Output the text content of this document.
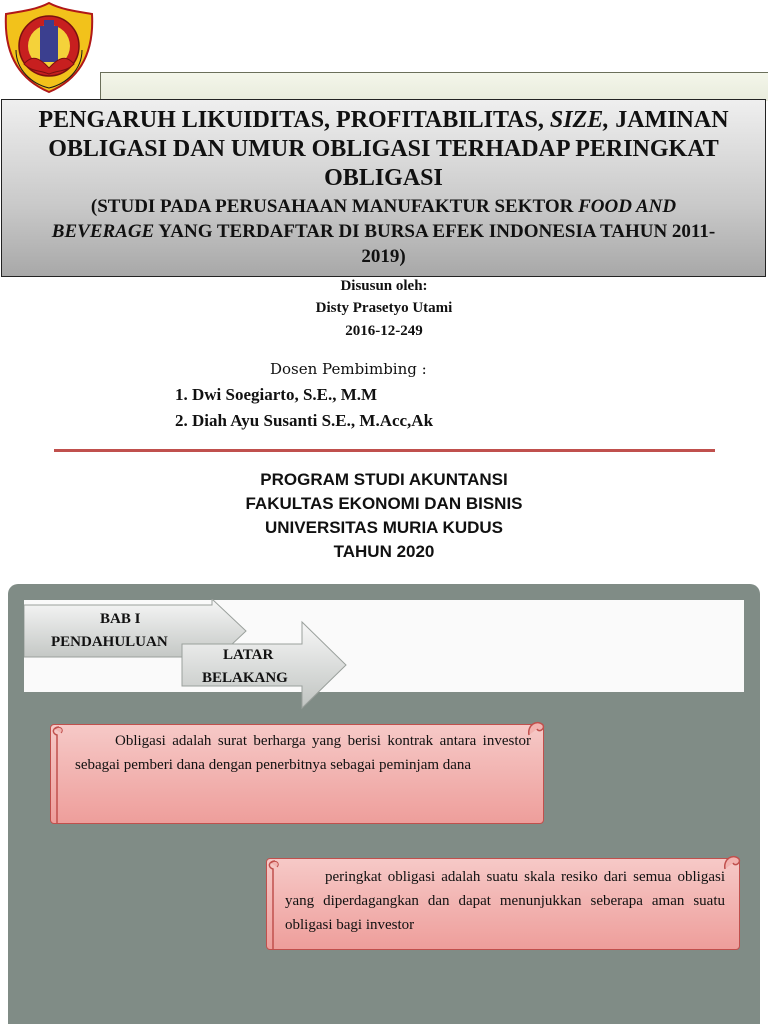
PENGARUH LIKUIDITAS, PROFITABILITAS, SIZE, JAMINAN
OBLIGASI DAN UMUR OBLIGASI TERHADAP PERINGKAT
OBLIGASI
(STUDI PADA PERUSAHAAN MANUFAKTUR SEKTOR FOOD AND
BEVERAGE YANG TERDAFTAR DI BURSA EFEK INDONESIA TAHUN 2011-
2019)
Disusun oleh:
Disty Prasetyo Utami
2016-12-249
Dosen Pembimbing :
1. Dwi Soegiarto, S.E., M.M
2. Diah Ayu Susanti S.E., M.Acc,Ak
PROGRAM STUDI AKUNTANSI
FAKULTAS EKONOMI DAN BISNIS
UNIVERSITAS MURIA KUDUS
TAHUN 2020
BAB I
PENDAHULUAN
LATAR
BELAKANG
Obligasi adalah surat berharga yang berisi kontrak antara investor sebagai pemberi dana dengan penerbitnya sebagai peminjam dana
peringkat obligasi adalah suatu skala resiko dari semua obligasi yang diperdagangkan dan dapat menunjukkan seberapa aman suatu obligasi bagi investor
